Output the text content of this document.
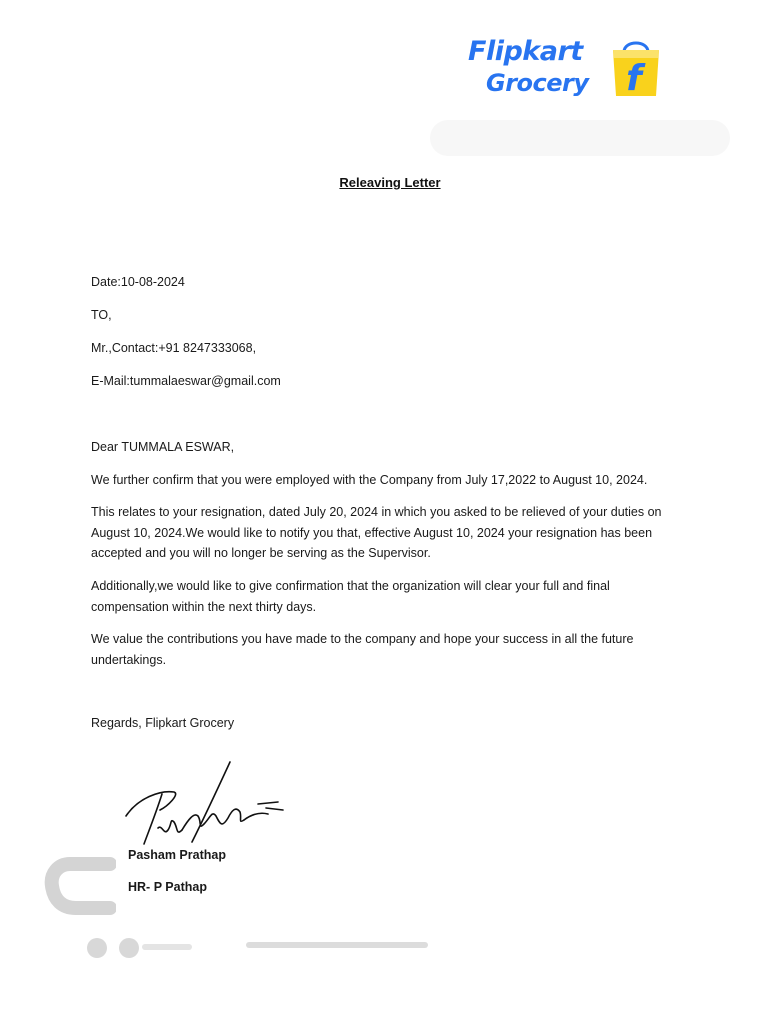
Flipkart
Grocery f
Releaving Letter
Date:10-08-2024
TO,
Mr.,Contact:+91 8247333068,
E-Mail:tummalaeswar@gmail.com
Dear TUMMALA ESWAR,
We further confirm that you were employed with the Company from July 17,2022 to August 10, 2024.
This relates to your resignation, dated July 20, 2024 in which you asked to be relieved of your duties on August 10, 2024.We would like to notify you that, effective August 10, 2024 your resignation has been accepted and you will no longer be serving as the Supervisor.
Additionally,we would like to give confirmation that the organization will clear your full and final compensation within the next thirty days.
We value the contributions you have made to the company and hope your success in all the future undertakings.
Regards, Flipkart Grocery
Pasham Prathap
HR- P Pathap
